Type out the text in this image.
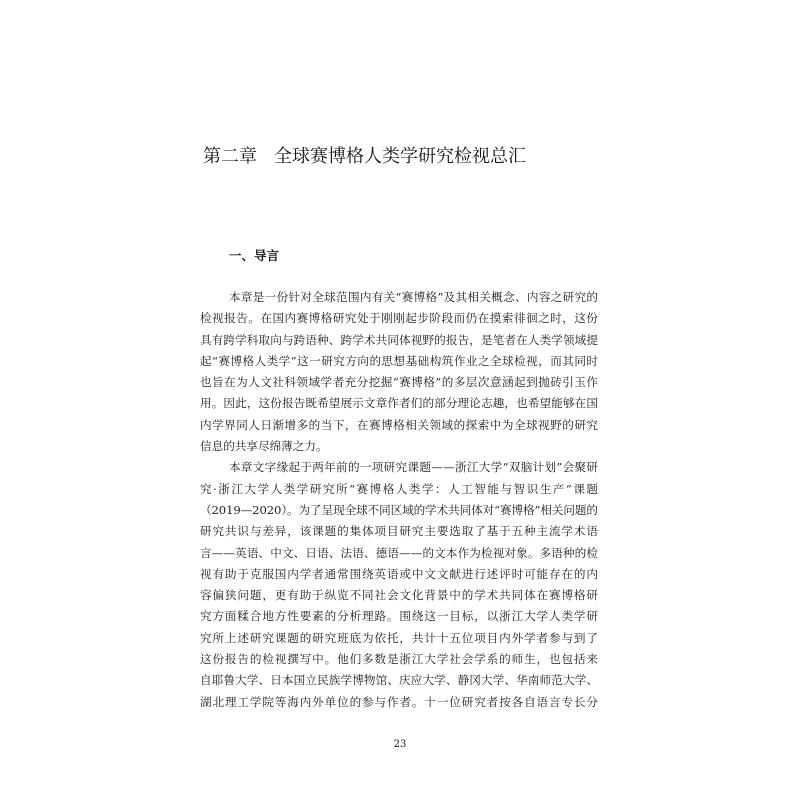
第二章 全球赛博格人类学研究检视总汇
一、导言
本章是一份针对全球范围内有关“赛博格”及其相关概念、内容之研究的
检视报告。在国内赛博格研究处于刚刚起步阶段而仍在摸索徘徊之时，这份
具有跨学科取向与跨语种、跨学术共同体视野的报告，是笔者在人类学领域提
起“赛博格人类学”这一研究方向的思想基础构筑作业之全球检视，而其同时
也旨在为人文社科领域学者充分挖掘“赛博格”的多层次意涵起到抛砖引玉作
用。因此，这份报告既希望展示文章作者们的部分理论志趣，也希望能够在国
内学界同人日渐增多的当下，在赛博格相关领域的探索中为全球视野的研究
信息的共享尽绵薄之力。
本章文字缘起于两年前的一项研究课题——浙江大学“双脑计划”会聚研
究·浙江大学人类学研究所“赛博格人类学：人工智能与智识生产”课题
（2019—2020）。为了呈现全球不同区域的学术共同体对“赛博格”相关问题的
研究共识与差异，该课题的集体项目研究主要选取了基于五种主流学术语
言——英语、中文、日语、法语、德语——的文本作为检视对象。多语种的检
视有助于克服国内学者通常围绕英语或中文文献进行述评时可能存在的内
容偏狭问题，更有助于纵览不同社会文化背景中的学术共同体在赛博格研
究方面糅合地方性要素的分析理路。围绕这一目标，以浙江大学人类学研
究所上述研究课题的研究班底为依托，共计十五位项目内外学者参与到了
这份报告的检视撰写中。他们多数是浙江大学社会学系的师生，也包括来
自耶鲁大学、日本国立民族学博物馆、庆应大学、静冈大学、华南师范大学、
湖北理工学院等海内外单位的参与作者。十一位研究者按各自语言专长分
23
